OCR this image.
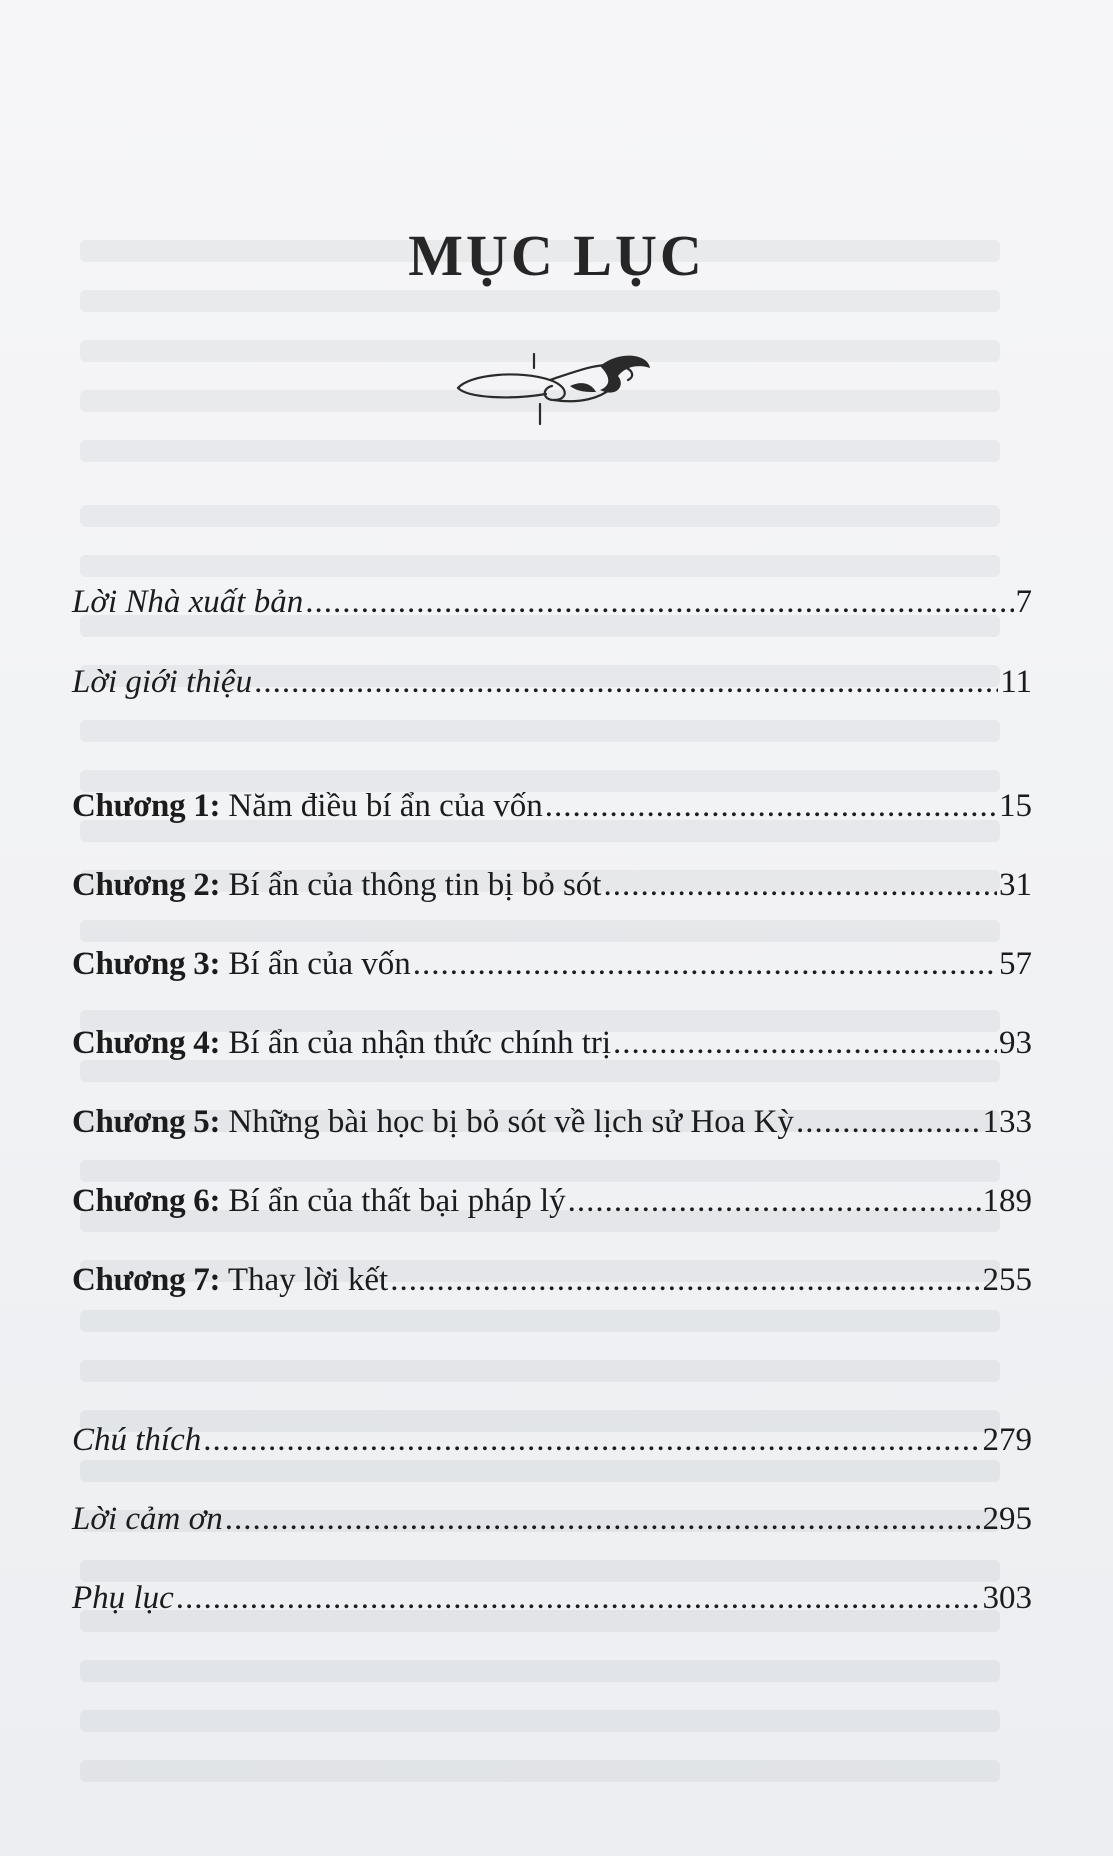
MỤC LỤC
Lời Nhà xuất bản .....	7
Lời giới thiệu .....	11
Chương 1: Năm điều bí ẩn của vốn .....	15
Chương 2: Bí ẩn của thông tin bị bỏ sót .....	31
Chương 3: Bí ẩn của vốn .....	57
Chương 4: Bí ẩn của nhận thức chính trị .....	93
Chương 5: Những bài học bị bỏ sót về lịch sử Hoa Kỳ .....	133
Chương 6: Bí ẩn của thất bại pháp lý .....	189
Chương 7: Thay lời kết .....	255
Chú thích .....	279
Lời cảm ơn .....	295
Phụ lục .....	303
